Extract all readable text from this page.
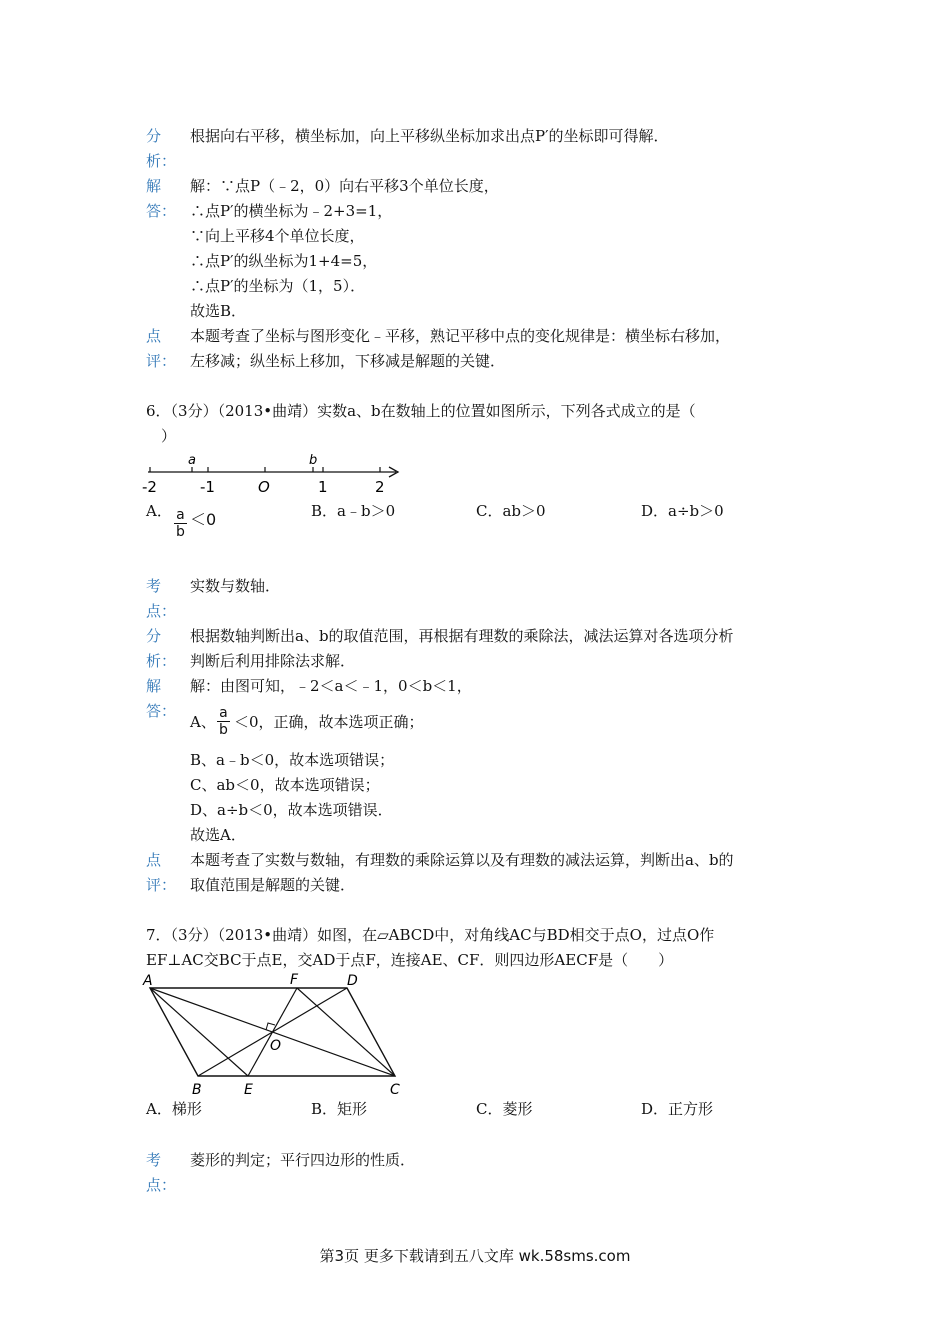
分
析：
根据向右平移，横坐标加，向上平移纵坐标加求出点P′的坐标即可得解．
解
答：
解：∵点P（﹣2，0）向右平移3个单位长度，
∴点P′的横坐标为﹣2+3=1，
∵向上平移4个单位长度，
∴点P′的纵坐标为1+4=5，
∴点P′的坐标为（1，5）．
故选B．
点
评：
本题考查了坐标与图形变化﹣平移，熟记平移中点的变化规律是：横坐标右移加，
左移减；纵坐标上移加，下移减是解题的关键．
6．（3分）（2013•曲靖）实数a、b在数轴上的位置如图所示，下列各式成立的是（
　）
a	b
-2	-1	O	1	2
A． $\frac{a}{b} <0$	B．a﹣b＞0	C．ab＞0	D．a÷b＞0
考
点：
实数与数轴．
分
析：
根据数轴判断出a、b的取值范围，再根据有理数的乘除法，减法运算对各选项分析
判断后利用排除法求解．
解
答：
解：由图可知，﹣2＜a＜﹣1，0＜b＜1，
A、 $\frac{a}{b} <0$，正确，故本选项正确；
B、a﹣b＜0，故本选项错误；
C、ab＜0，故本选项错误；
D、a÷b＜0，故本选项错误．
故选A．
点
评：
本题考查了实数与数轴，有理数的乘除运算以及有理数的减法运算，判断出a、b的
取值范围是解题的关键．
7．（3分）（2013•曲靖）如图，在▱ABCD中，对角线AC与BD相交于点O，过点O作
EF⊥AC交BC于点E，交AD于点F，连接AE、CF．则四边形AECF是（　　）
A	F	D
O
B	E	C
A．梯形	B．矩形	C．菱形	D．正方形
考
点：
菱形的判定；平行四边形的性质．
第3页 更多下载请到五八文库 wk.58sms.com
